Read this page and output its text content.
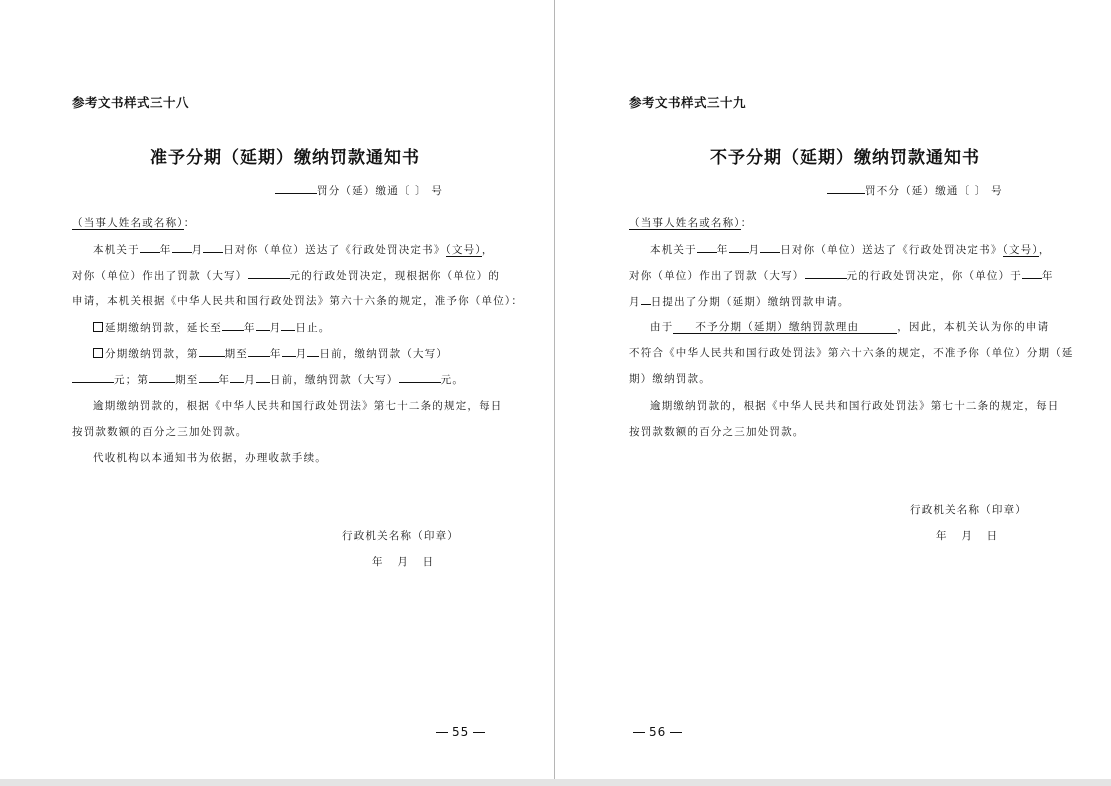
参考文书样式三十八
准予分期（延期）缴纳罚款通知书
罚分（延）缴通〔 〕 号
（当事人姓名或名称）：
本机关于 年 月 日对你（单位）送达了《行政处罚决定书》（文号），
对你（单位）作出了罚款（大写）	元的行政处罚决定，现根据你（单位）的
申请，本机关根据《中华人民共和国行政处罚法》第六十六条的规定，准予你（单位）：
延期缴纳罚款，延长至 年 月 日止。
分期缴纳罚款，第 期至 年 月 日前，缴纳罚款（大写）
元；第 期至 年 月 日前，缴纳罚款（大写）	元。
逾期缴纳罚款的，根据《中华人民共和国行政处罚法》第七十二条的规定，每日
按罚款数额的百分之三加处罚款。
代收机构以本通知书为依据，办理收款手续。
行政机关名称（印章）
年   月   日
55
参考文书样式三十九
不予分期（延期）缴纳罚款通知书
罚不分（延）缴通〔 〕 号
（当事人姓名或名称）：
本机关于 年 月 日对你（单位）送达了《行政处罚决定书》（文号），
对你（单位）作出了罚款（大写）	元的行政处罚决定，你（单位）于 年
月 日提出了分期（延期）缴纳罚款申请。
由于 不予分期（延期）缴纳罚款理由	，因此，本机关认为你的申请
不符合《中华人民共和国行政处罚法》第六十六条的规定，不准予你（单位）分期（延
期）缴纳罚款。
逾期缴纳罚款的，根据《中华人民共和国行政处罚法》第七十二条的规定，每日
按罚款数额的百分之三加处罚款。
行政机关名称（印章）
年   月   日
56
